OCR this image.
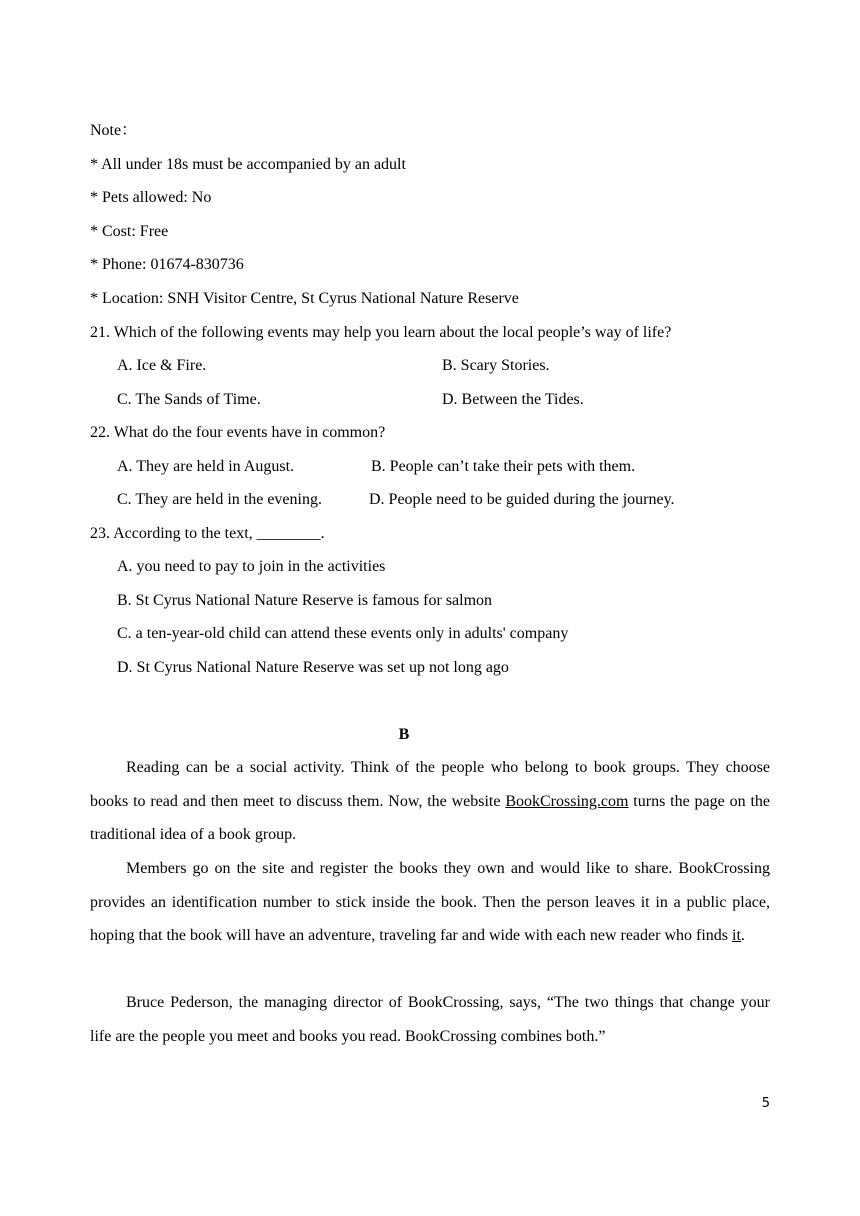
Note：
* All under 18s must be accompanied by an adult
* Pets allowed: No
* Cost: Free
* Phone: 01674-830736
* Location: SNH Visitor Centre, St Cyrus National Nature Reserve
21. Which of the following events may help you learn about the local people’s way of life?
A. Ice & Fire.	B. Scary Stories.
C. The Sands of Time.	D. Between the Tides.
22. What do the four events have in common?
A. They are held in August.	B. People can’t take their pets with them.
C. They are held in the evening.	D. People need to be guided during the journey.
23. According to the text, ________.
A. you need to pay to join in the activities
B. St Cyrus National Nature Reserve is famous for salmon
C. a ten-year-old child can attend these events only in adults' company
D. St Cyrus National Nature Reserve was set up not long ago
B
Reading can be a social activity. Think of the people who belong to book groups. They choose books to read and then meet to discuss them. Now, the website BookCrossing.com turns the page on the traditional idea of a book group.
Members go on the site and register the books they own and would like to share. BookCrossing provides an identification number to stick inside the book. Then the person leaves it in a public place, hoping that the book will have an adventure, traveling far and wide with each new reader who finds it.
Bruce Pederson, the managing director of BookCrossing, says, “The two things that change your life are the people you meet and books you read. BookCrossing combines both.”
5
